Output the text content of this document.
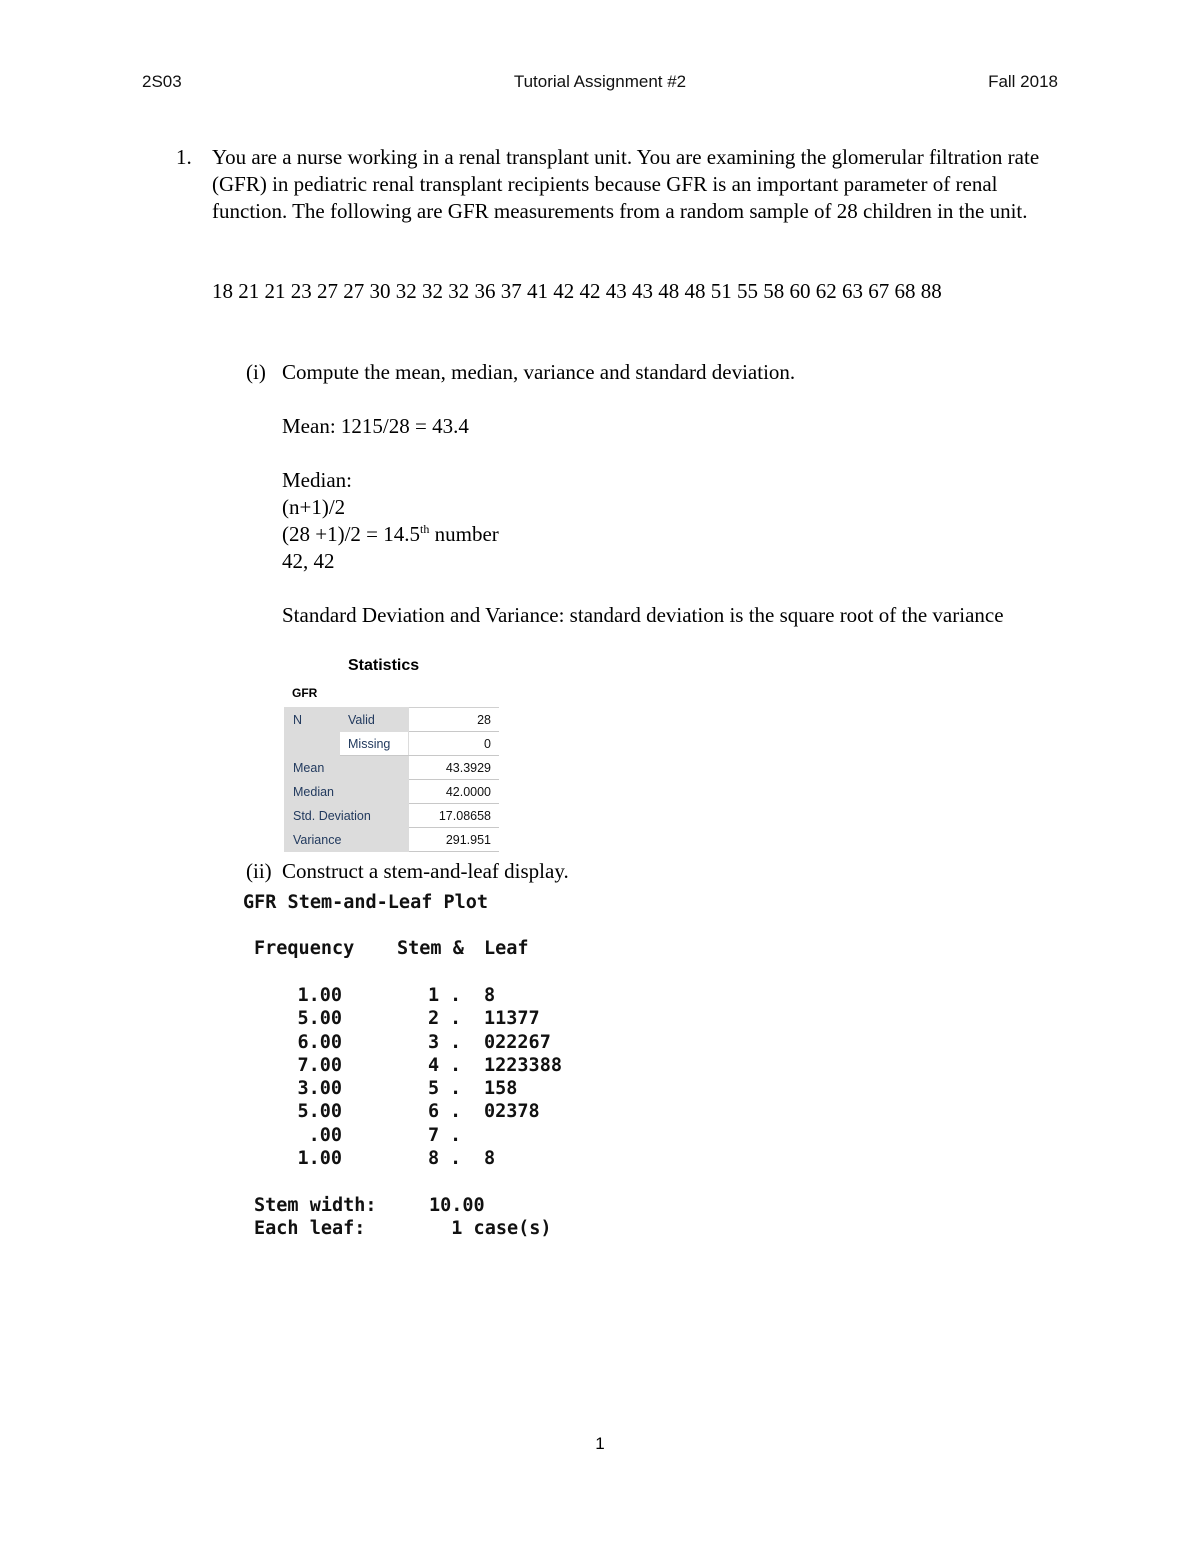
2S03	Tutorial Assignment #2	Fall 2018
1. You are a nurse working in a renal transplant unit. You are examining the glomerular filtration rate (GFR) in pediatric renal transplant recipients because GFR is an important parameter of renal function. The following are GFR measurements from a random sample of 28 children in the unit.
18 21 21 23 27 27 30 32 32 32 36 37 41 42 42 43 43 48 48 51 55 58 60 62 63 67 68 88
(i) Compute the mean, median, variance and standard deviation.
Mean: 1215/28 = 43.4
Median:
(n+1)/2
(28 +1)/2 = 14.5th number
42, 42
Standard Deviation and Variance: standard deviation is the square root of the variance
Statistics
GFR
N	Valid	28
	Missing	0
Mean		43.3929
Median		42.0000
Std. Deviation		17.08658
Variance		291.951
(ii) Construct a stem-and-leaf display.
GFR Stem-and-Leaf Plot
Frequency Stem & Leaf
1.00	1 . 8
5.00	2 . 11377
6.00	3 . 022267
7.00	4 . 1223388
3.00	5 . 158
5.00	6 . 02378
.00	7 .
1.00	8 . 8
Stem width:	10.00
Each leaf:	1 case(s)
1
